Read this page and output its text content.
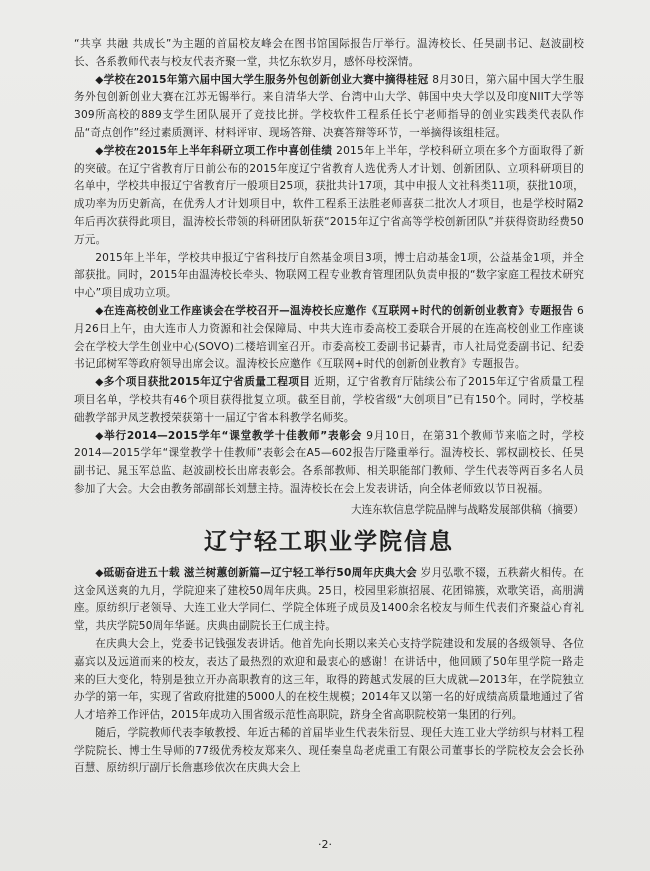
“共享 共融 共成长”为主题的首届校友峰会在图书馆国际报告厅举行。温涛校长、任昊副书记、赵波副校长、各系教师代表与校友代表齐聚一堂，共忆东软岁月，感怀母校深情。

◆学校在2015年第六届中国大学生服务外包创新创业大赛中摘得桂冠 8月30日，第六届中国大学生服务外包创新创业大赛在江苏无锡举行。来自清华大学、台湾中山大学、韩国中央大学以及印度NIIT大学等309所高校的889支学生团队展开了竞技比拼。学校软件工程系任长宁老师指导的创业实践类代表队作品“奇点创作”经过素质测评、材料评审、现场答辩、决赛答辩等环节，一举摘得该组桂冠。

◆学校在2015年上半年科研立项工作中喜创佳绩 2015年上半年，学校科研立项在多个方面取得了新的突破。在辽宁省教育厅日前公布的2015年度辽宁省教育人选优秀人才计划、创新团队、立项科研项目的名单中，学校共申报辽宁省教育厅一般项目25项，获批共计17项，其中申报人文社科类11项，获批10项，成功率为历史新高，在优秀人才计划项目中，软件工程系王法胜老师喜获二批次人才项目，也是学校时隔2年后再次获得此项目，温涛校长带领的科研团队斩获“2015年辽宁省高等学校创新团队”并获得资助经费50万元。

2015年上半年，学校共申报辽宁省科技厅自然基金项目3项，博士启动基金1项，公益基金1项，并全部获批。同时，2015年由温涛校长牵头、物联网工程专业教育管理团队负责申报的“数字家庭工程技术研究中心”项目成功立项。

◆在连高校创业工作座谈会在学校召开—温涛校长应邀作《互联网+时代的创新创业教育》专题报告 6月26日上午，由大连市人力资源和社会保障局、中共大连市委高校工委联合开展的在连高校创业工作座谈会在学校大学生创业中心(SOVO)二楼培训室召开。市委高校工委副书记綦青，市人社局党委副书记、纪委书记邱树军等政府领导出席会议。温涛校长应邀作《互联网+时代的创新创业教育》专题报告。

◆多个项目获批2015年辽宁省质量工程项目 近期，辽宁省教育厅陆续公布了2015年辽宁省质量工程项目名单，学校共有46个项目获得批复立项。截至目前，学校省级“大创项目”已有150个。同时，学校基础教学部尹凤芝教授荣获第十一届辽宁省本科教学名师奖。

◆举行2014—2015学年“课堂教学十佳教师”表彰会 9月10日，在第31个教师节来临之时，学校2014—2015学年“课堂教学十佳教师”表彰会在A5—602报告厅隆重举行。温涛校长、郭权副校长、任昊副书记、晁玉军总监、赵波副校长出席表彰会。各系部教师、相关职能部门教师、学生代表等两百多名人员参加了大会。大会由教务部副部长刘慧主持。温涛校长在会上发表讲话，向全体老师致以节日祝福。

大连东软信息学院品牌与战略发展部供稿（摘要）

辽宁轻工职业学院信息

◆砥砺奋进五十载 滋兰树蕙创新篇—辽宁轻工举行50周年庆典大会 岁月弘歌不辍，五秩薪火相传。在这金风送爽的九月，学院迎来了建校50周年庆典。25日，校园里彩旗招展、花团锦簇，欢歌笑语，高朋满座。原纺织厅老领导、大连工业大学同仁、学院全体班子成员及1400余名校友与师生代表们齐聚益心育礼堂，共庆学院50周年华诞。庆典由副院长王仁成主持。

在庆典大会上，党委书记钱强发表讲话。他首先向长期以来关心支持学院建设和发展的各级领导、各位嘉宾以及远道而来的校友，表达了最热烈的欢迎和最衷心的感谢！在讲话中，他回顾了50年里学院一路走来的巨大变化，特别是独立开办高职教育的这三年，取得的跨越式发展的巨大成就—2013年，在学院独立办学的第一年，实现了省政府批建的5000人的在校生规模；2014年又以第一名的好成绩高质量地通过了省人才培养工作评估，2015年成功入围省级示范性高职院，跻身全省高职院校第一集团的行列。

随后，学院教师代表李敏教授、年近古稀的首届毕业生代表朱衍昱、现任大连工业大学纺织与材料工程学院院长、博士生导师的77级优秀校友郑来久、现任秦皇岛老虎重工有限公司董事长的学院校友会会长孙百慧、原纺织厅副厅长詹惠珍依次在庆典大会上

·2·
